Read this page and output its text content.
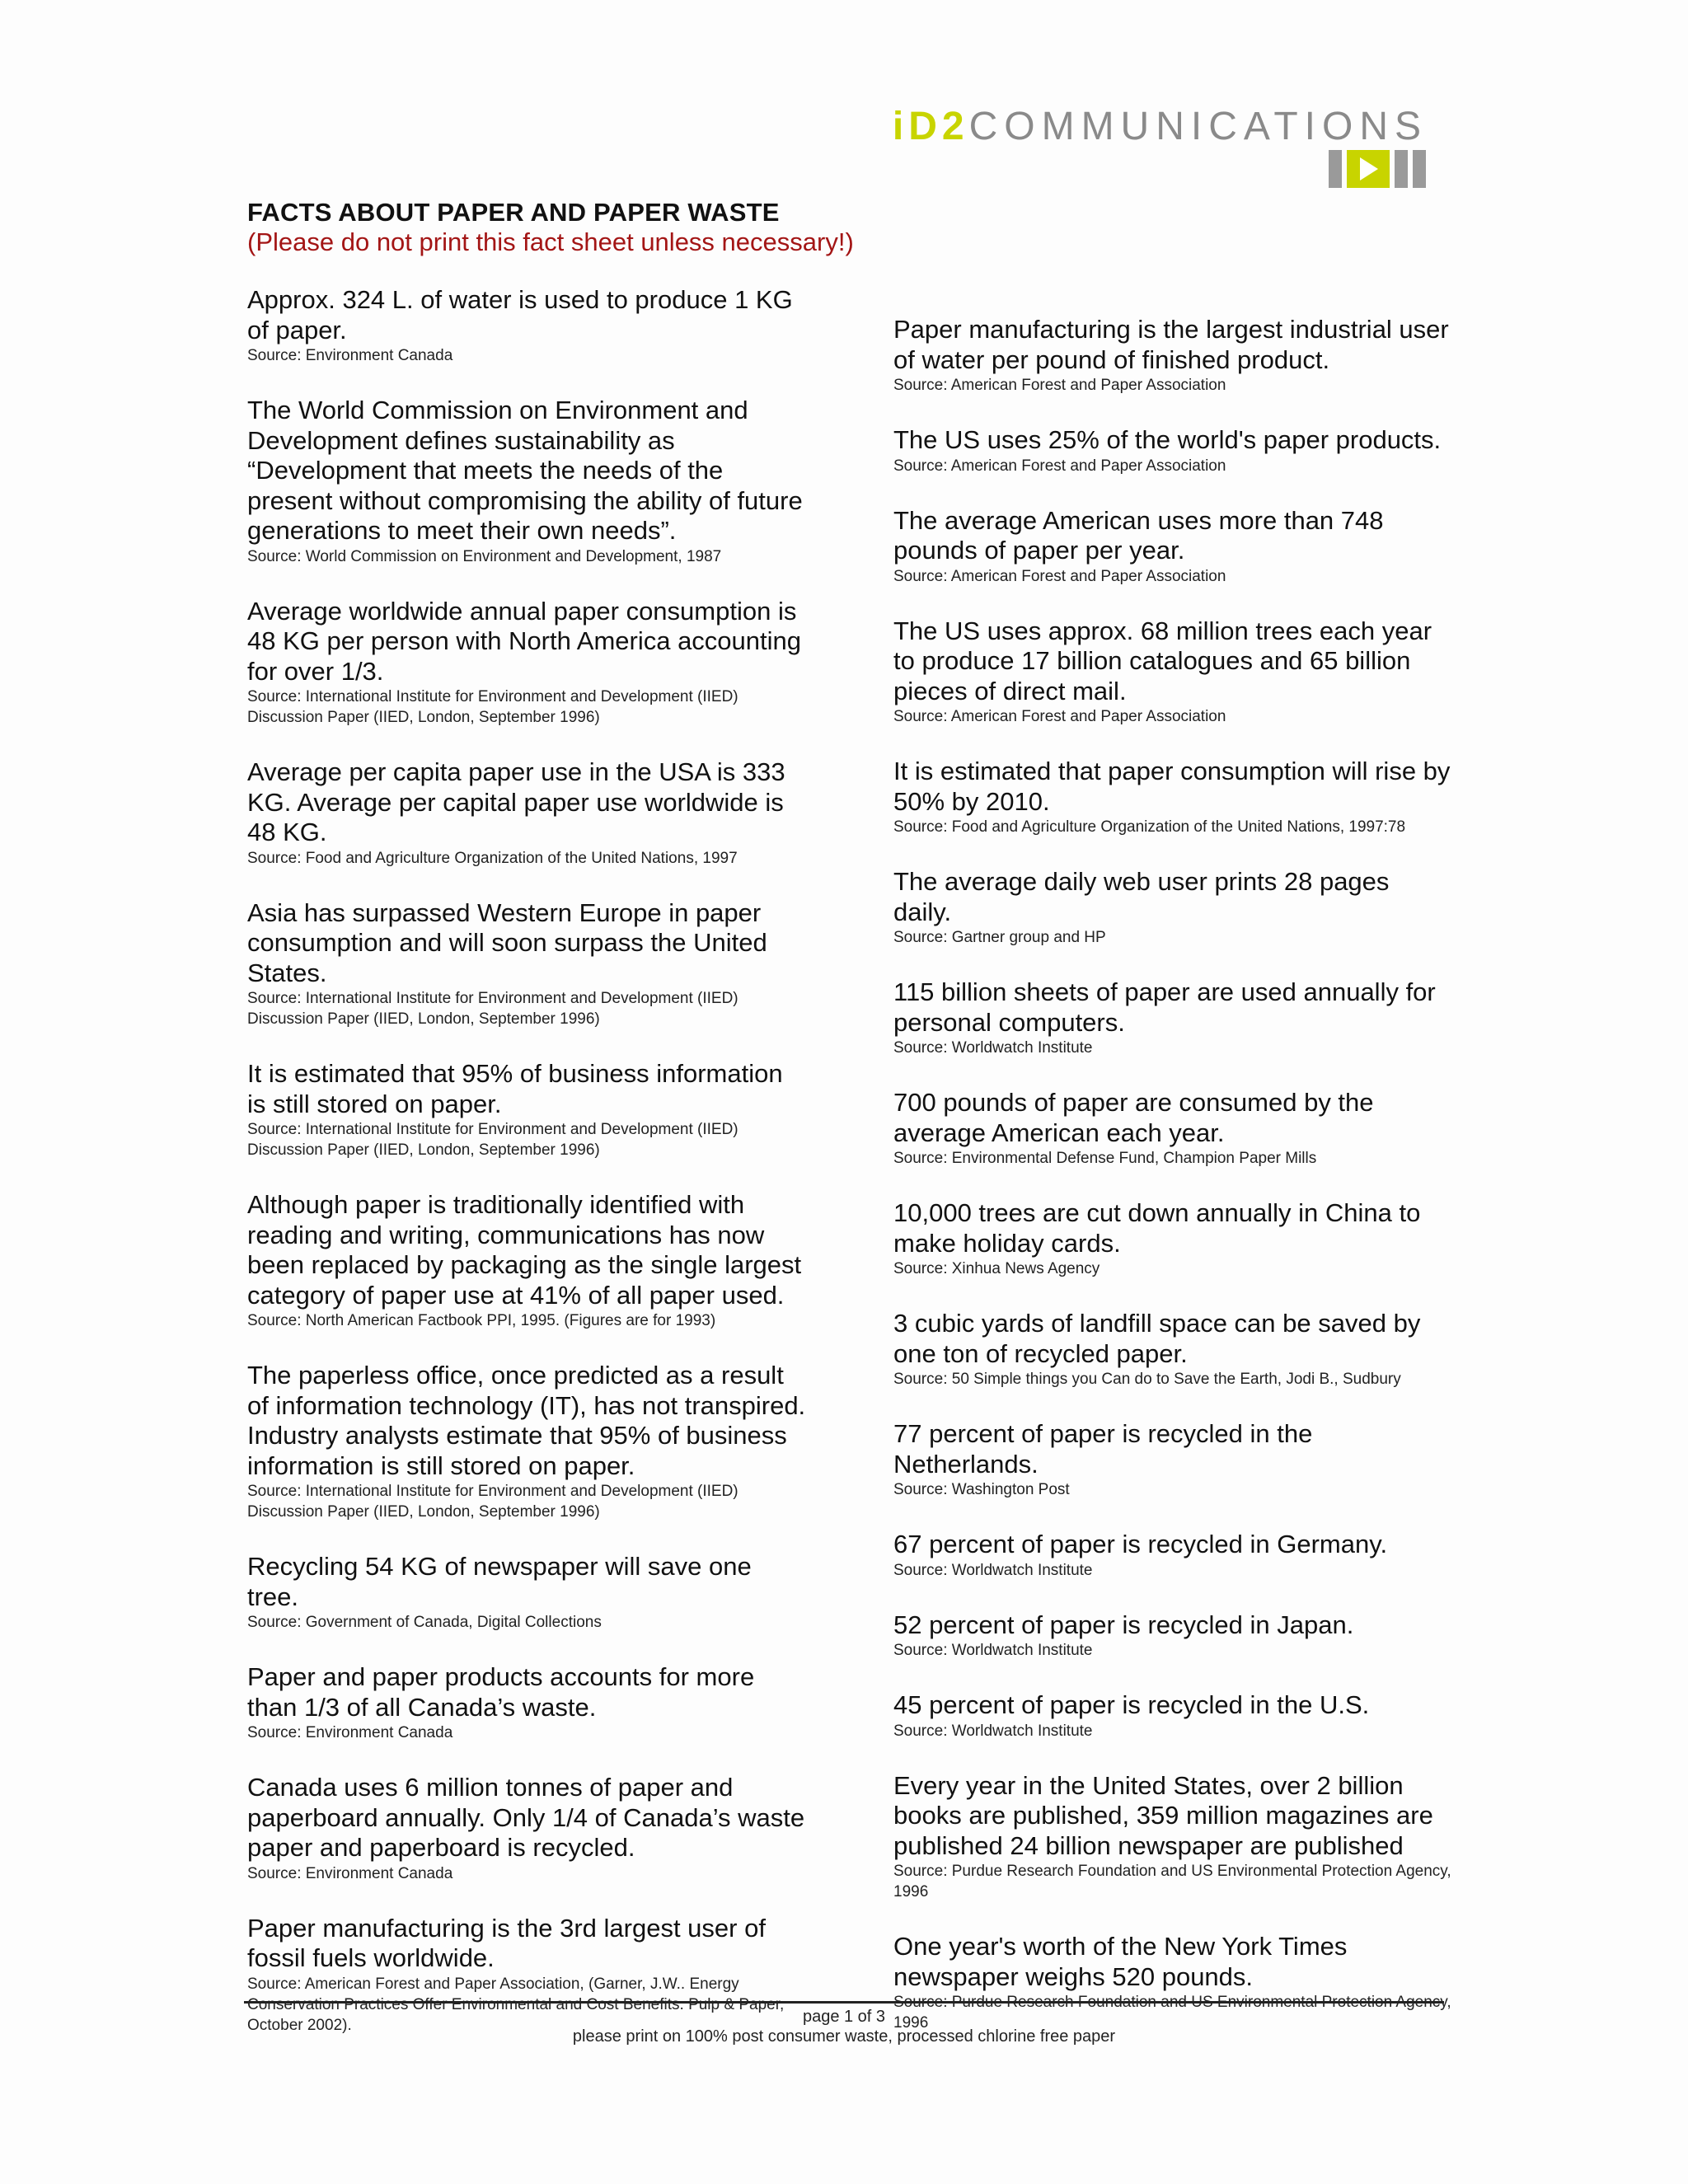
iD2COMMUNICATIONS
FACTS ABOUT PAPER AND PAPER WASTE
(Please do not print this fact sheet unless necessary!)
Approx. 324 L. of water is used to produce 1 KG of paper.
Source: Environment Canada
The World Commission on Environment and Development defines sustainability as “Development that meets the needs of the present without compromising the ability of future generations to meet their own needs”.
Source: World Commission on Environment and Development, 1987
Average worldwide annual paper consumption is 48 KG per person with North America accounting for over 1/3.
Source: International Institute for Environment and Development (IIED) Discussion Paper (IIED, London, September 1996)
Average per capita paper use in the USA is 333 KG. Average per capital paper use worldwide is 48 KG.
Source: Food and Agriculture Organization of the United Nations, 1997
Asia has surpassed Western Europe in paper consumption and will soon surpass the United States.
Source: International Institute for Environment and Development (IIED) Discussion Paper (IIED, London, September 1996)
It is estimated that 95% of business information is still stored on paper.
Source: International Institute for Environment and Development (IIED) Discussion Paper (IIED, London, September 1996)
Although paper is traditionally identified with reading and writing, communications has now been replaced by packaging as the single largest category of paper use at 41% of all paper used.
Source: North American Factbook PPI, 1995. (Figures are for 1993)
The paperless office, once predicted as a result of information technology (IT), has not transpired. Industry analysts estimate that 95% of business information is still stored on paper.
Source: International Institute for Environment and Development (IIED) Discussion Paper (IIED, London, September 1996)
Recycling 54 KG of newspaper will save one tree.
Source: Government of Canada, Digital Collections
Paper and paper products accounts for more than 1/3 of all Canada’s waste.
Source: Environment Canada
Canada uses 6 million tonnes of paper and paperboard annually. Only 1/4 of Canada’s waste paper and paperboard is recycled.
Source: Environment Canada
Paper manufacturing is the 3rd largest user of fossil fuels worldwide.
Source: American Forest and Paper Association, (Garner, J.W.. Energy Conservation Practices Offer Environmental and Cost Benefits. Pulp & Paper, October 2002).
Paper manufacturing is the largest industrial user of water per pound of finished product.
Source: American Forest and Paper Association
The US uses 25% of the world's paper products.
Source: American Forest and Paper Association
The average American uses more than 748 pounds of paper per year.
Source: American Forest and Paper Association
The US uses approx. 68 million trees each year to produce 17 billion catalogues and 65 billion pieces of direct mail.
Source: American Forest and Paper Association
It is estimated that paper consumption will rise by 50% by 2010.
Source: Food and Agriculture Organization of the United Nations, 1997:78
The average daily web user prints 28 pages daily.
Source: Gartner group and HP
115 billion sheets of paper are used annually for personal computers.
Source: Worldwatch Institute
700 pounds of paper are consumed by the average American each year.
Source: Environmental Defense Fund, Champion Paper Mills
10,000 trees are cut down annually in China to make holiday cards.
Source: Xinhua News Agency
3 cubic yards of landfill space can be saved by one ton of recycled paper.
Source: 50 Simple things you Can do to Save the Earth, Jodi B., Sudbury
77 percent of paper is recycled in the Netherlands.
Source: Washington Post
67 percent of paper is recycled in Germany.
Source: Worldwatch Institute
52 percent of paper is recycled in Japan.
Source: Worldwatch Institute
45 percent of paper is recycled in the U.S.
Source: Worldwatch Institute
Every year in the United States, over 2 billion books are published, 359 million magazines are published 24 billion newspaper are published
Source: Purdue Research Foundation and US Environmental Protection Agency, 1996
One year's worth of the New York Times newspaper weighs 520 pounds.
Source: Purdue Research Foundation and US Environmental Protection Agency, 1996
page 1 of 3
please print on 100% post consumer waste, processed chlorine free paper
